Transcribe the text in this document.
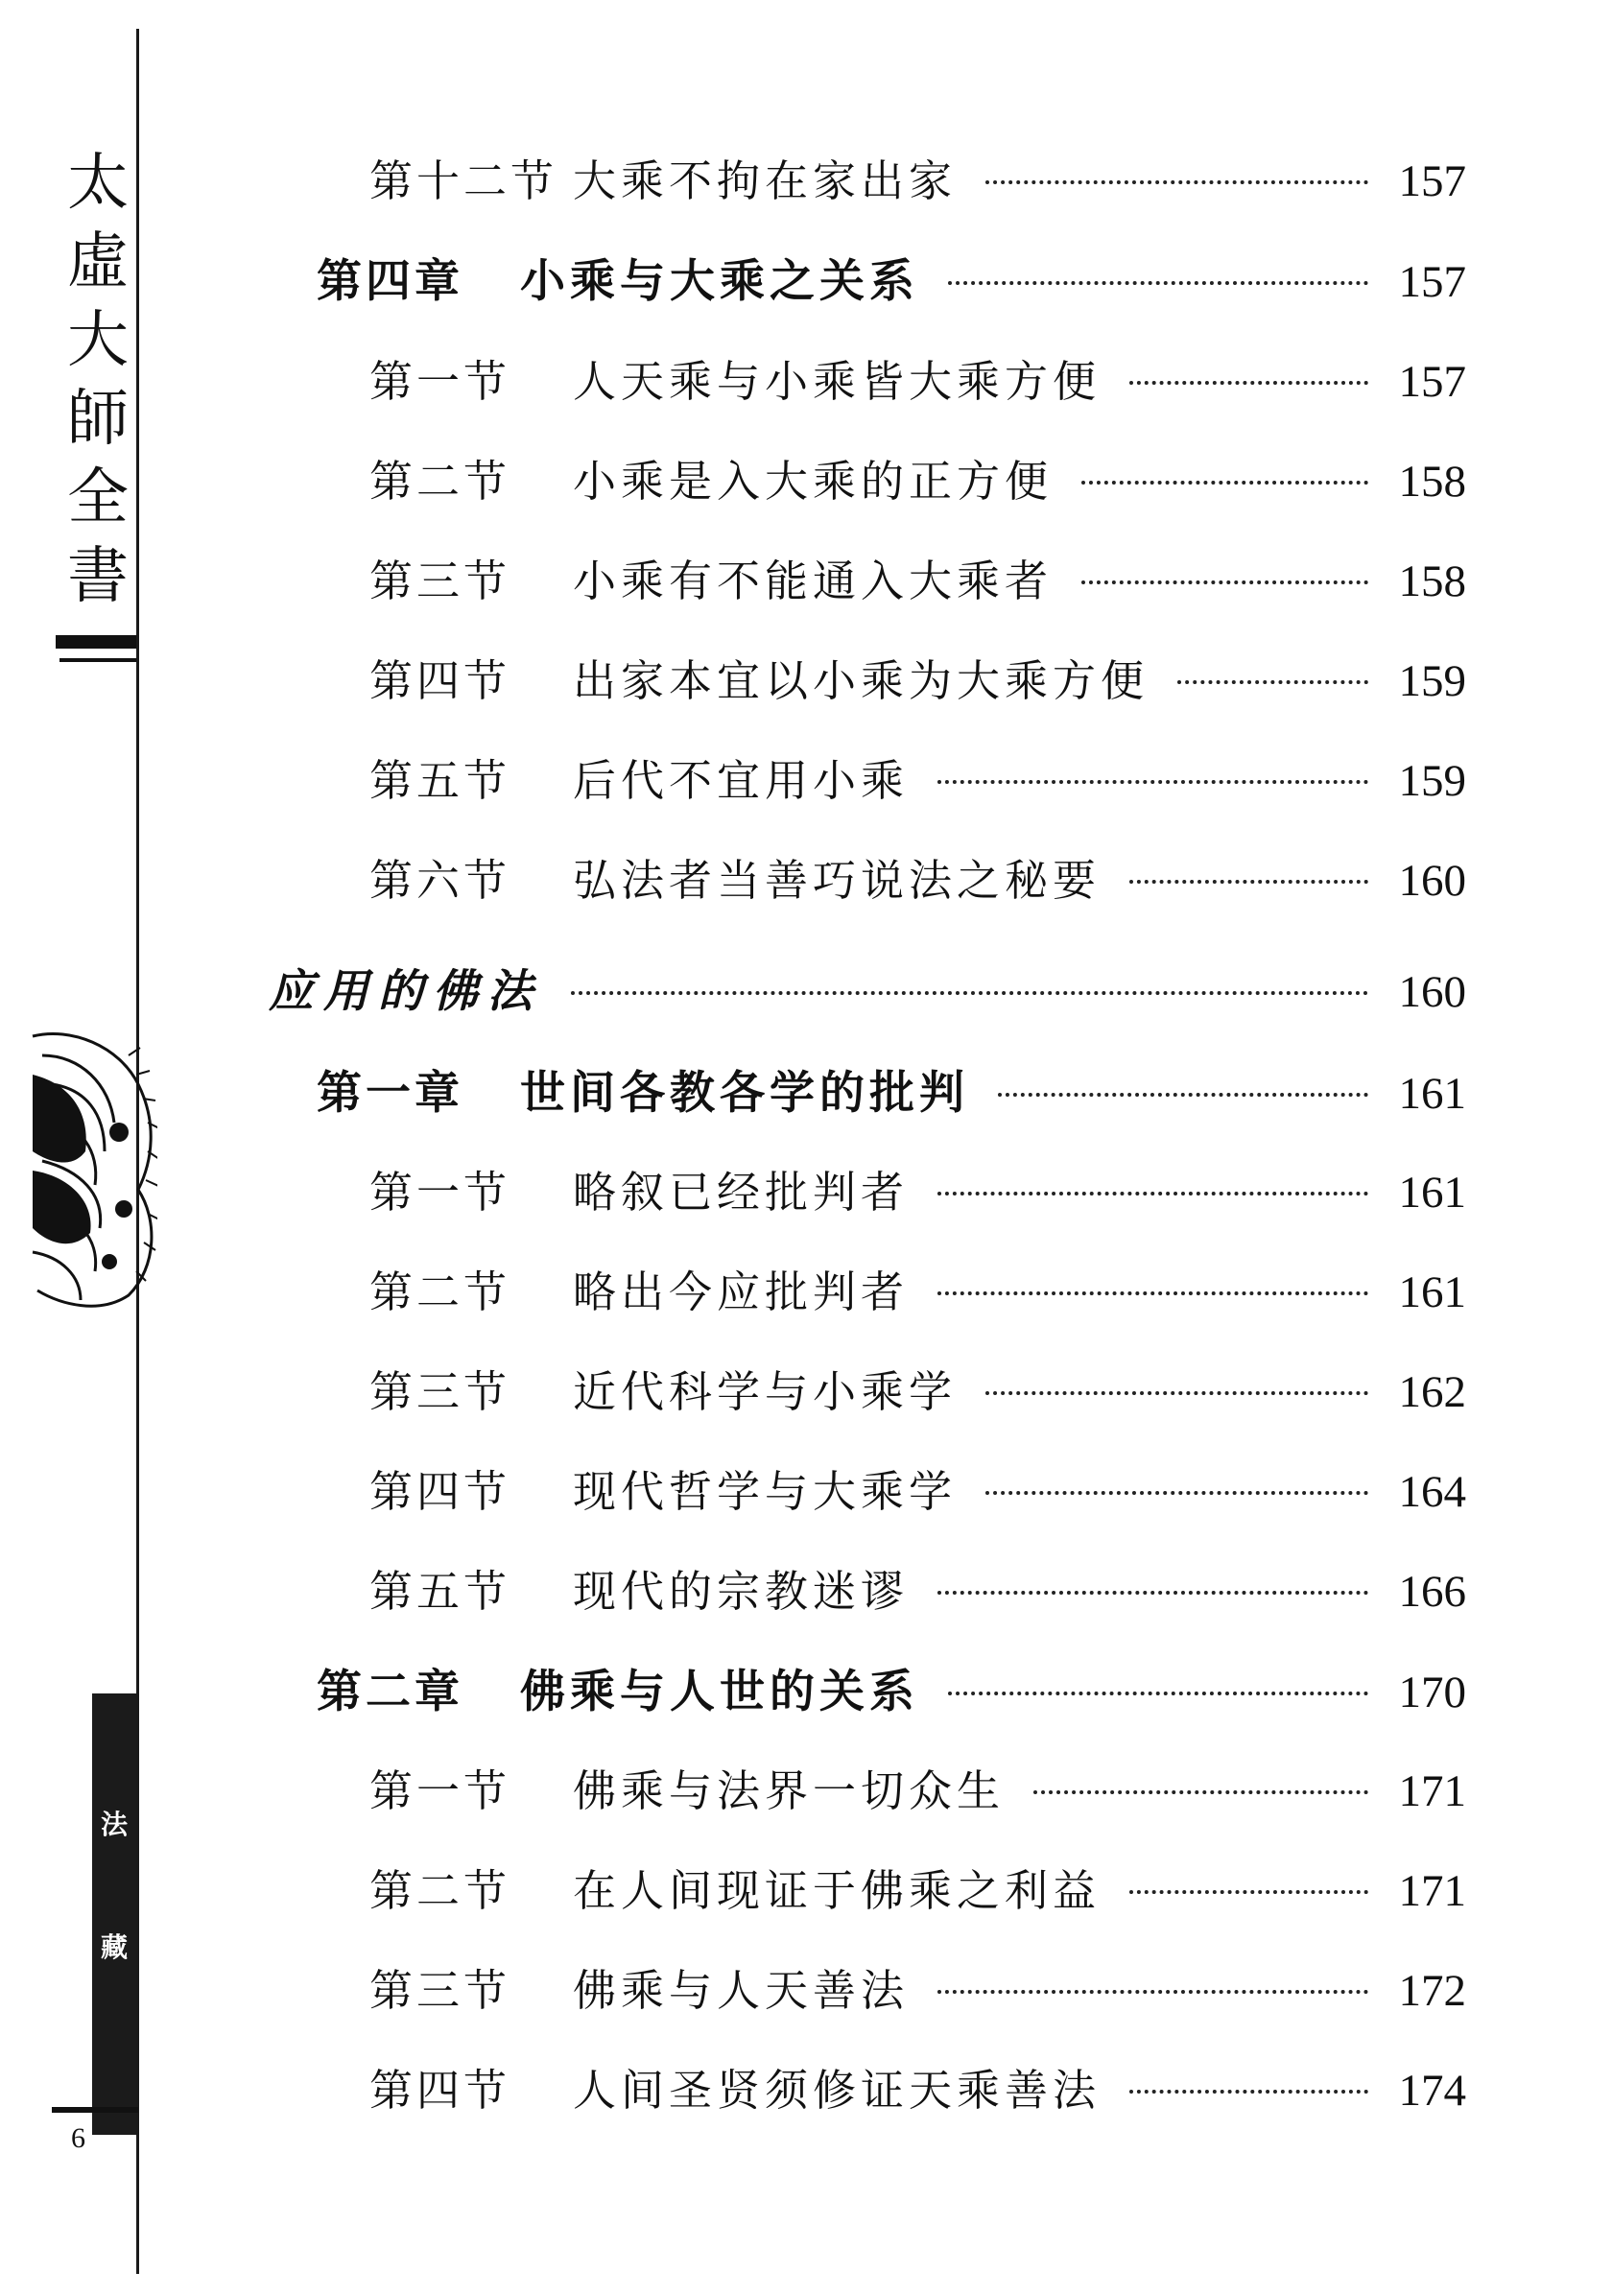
太
虛
大
師
全
書
法
藏
6
第十二节 大乘不拘在家出家	157
第四章	小乘与大乘之关系	157
第一节	人天乘与小乘皆大乘方便	157
第二节	小乘是入大乘的正方便	158
第三节	小乘有不能通入大乘者	158
第四节	出家本宜以小乘为大乘方便	159
第五节	后代不宜用小乘	159
第六节	弘法者当善巧说法之秘要	160
应用的佛法	160
第一章	世间各教各学的批判	161
第一节	略叙已经批判者	161
第二节	略出今应批判者	161
第三节	近代科学与小乘学	162
第四节	现代哲学与大乘学	164
第五节	现代的宗教迷谬	166
第二章	佛乘与人世的关系	170
第一节	佛乘与法界一切众生	171
第二节	在人间现证于佛乘之利益	171
第三节	佛乘与人天善法	172
第四节	人间圣贤须修证天乘善法	174
